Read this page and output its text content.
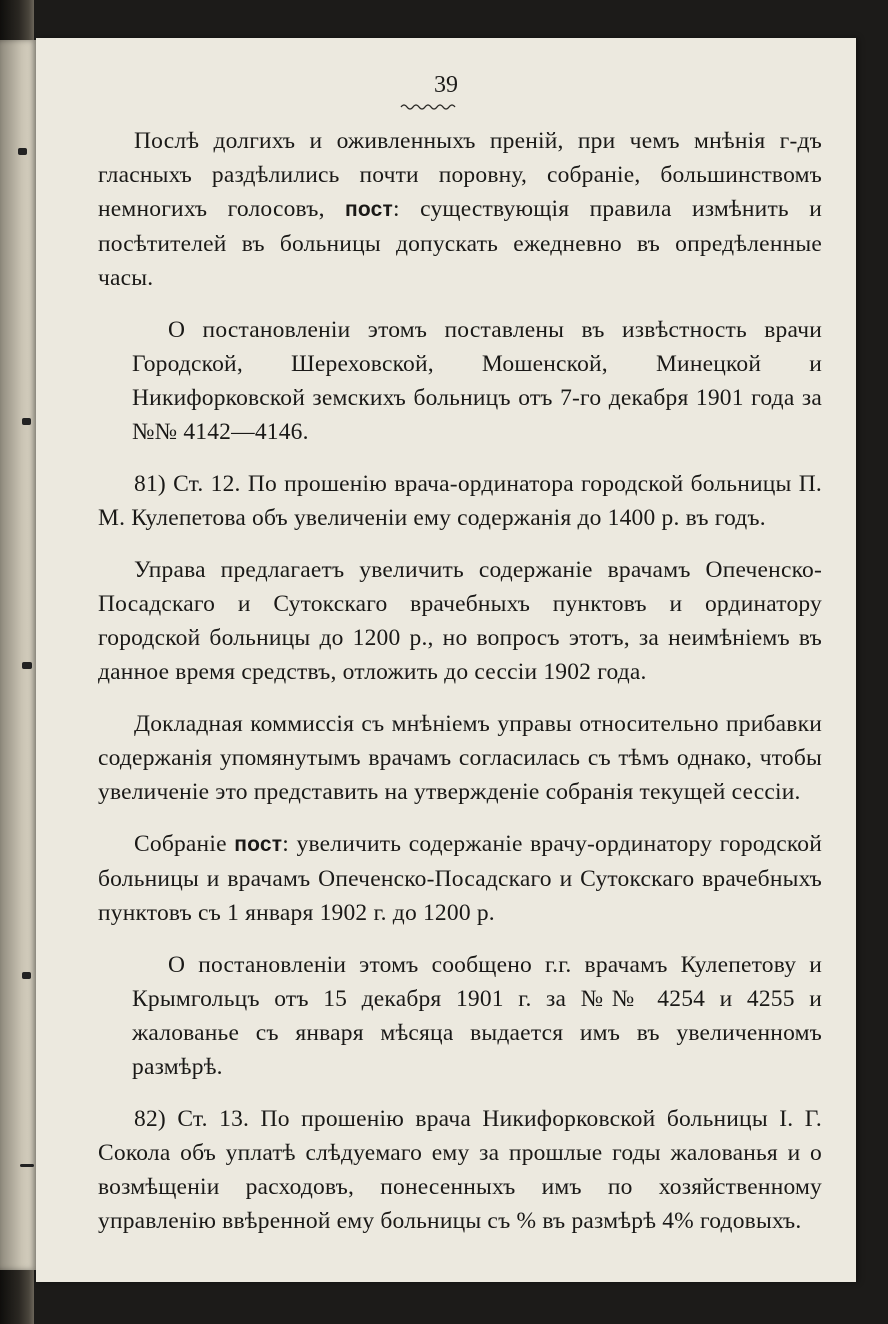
39

Послѣ долгихъ и оживленныхъ преній, при чемъ мнѣнія г-дъ гласныхъ раздѣлились почти поровну, собраніе, большинствомъ немногихъ голосовъ, пост: существующія правила измѣнить и посѣтителей въ больницы допускать ежедневно въ опредѣленные часы.

О постановленіи этомъ поставлены въ извѣстность врачи Городской, Шереховской, Мошенской, Минецкой и Никифорковской земскихъ больницъ отъ 7-го декабря 1901 года за №№ 4142—4146.

81) Ст. 12. По прошенію врача-ординатора городской больницы П. М. Кулепетова объ увеличеніи ему содержанія до 1400 р. въ годъ.

Управа предлагаетъ увеличить содержаніе врачамъ Опеченско-Посадскаго и Сутокскаго врачебныхъ пунктовъ и ординатору городской больницы до 1200 р., но вопросъ этотъ, за неимѣніемъ въ данное время средствъ, отложить до сессіи 1902 года.

Докладная коммиссія съ мнѣніемъ управы относительно прибавки содержанія упомянутымъ врачамъ согласилась съ тѣмъ однако, чтобы увеличеніе это представить на утвержденіе собранія текущей сессіи.

Собраніе пост: увеличить содержаніе врачу-ординатору городской больницы и врачамъ Опеченско-Посадскаго и Сутокскаго врачебныхъ пунктовъ съ 1 января 1902 г. до 1200 р.

О постановленіи этомъ сообщено г.г. врачамъ Кулепетову и Крымгольцъ отъ 15 декабря 1901 г. за №№ 4254 и 4255 и жалованье съ января мѣсяца выдается имъ въ увеличенномъ размѣрѣ.

82) Ст. 13. По прошенію врача Никифорковской больницы І. Г. Сокола объ уплатѣ слѣдуемаго ему за прошлые годы жалованья и о возмѣщеніи расходовъ, понесенныхъ имъ по хозяйственному управленію ввѣренной ему больницы съ % въ размѣрѣ 4% годовыхъ.
